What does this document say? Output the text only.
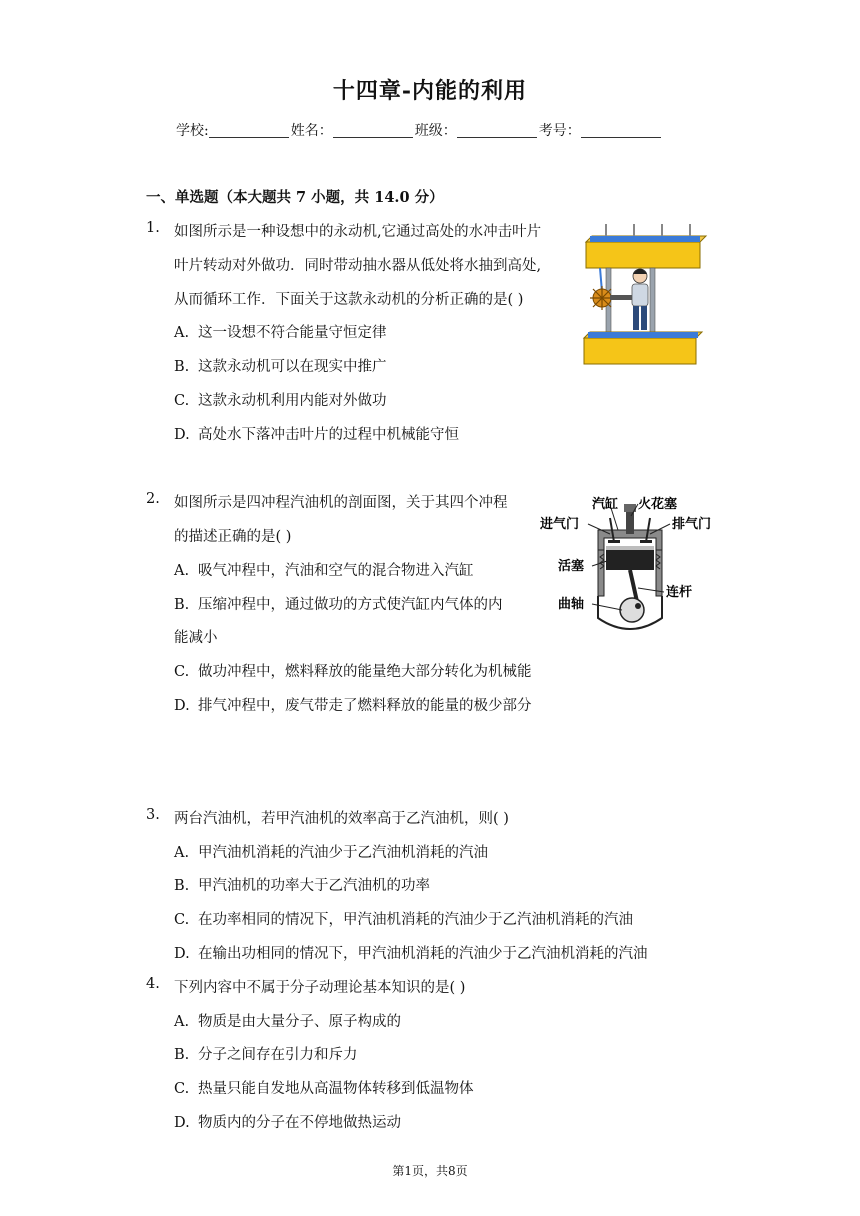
十四章-内能的利用
学校:	姓名：	班级：	考号：
一、单选题（本大题共 7 小题，共 14.0 分）
1. 如图所示是一种设想中的永动机,它通过高处的水冲击叶片
叶片转动对外做功．同时带动抽水器从低处将水抽到高处,
从而循环工作．下面关于这款永动机的分析正确的是( )
A. 这一设想不符合能量守恒定律
B. 这款永动机可以在现实中推广
C. 这款永动机利用内能对外做功
D. 高处水下落冲击叶片的过程中机械能守恒
2. 如图所示是四冲程汽油机的剖面图，关于其四个冲程
的描述正确的是( )
A. 吸气冲程中，汽油和空气的混合物进入汽缸
B. 压缩冲程中，通过做功的方式使汽缸内气体的内
能减小
C. 做功冲程中，燃料释放的能量绝大部分转化为机械能
D. 排气冲程中，废气带走了燃料释放的能量的极少部分
汽缸 火花塞
进气门	排气门
活塞
连杆
曲轴
3. 两台汽油机，若甲汽油机的效率高于乙汽油机，则( )
A. 甲汽油机消耗的汽油少于乙汽油机消耗的汽油
B. 甲汽油机的功率大于乙汽油机的功率
C. 在功率相同的情况下，甲汽油机消耗的汽油少于乙汽油机消耗的汽油
D. 在输出功相同的情况下，甲汽油机消耗的汽油少于乙汽油机消耗的汽油
4. 下列内容中不属于分子动理论基本知识的是( )
A. 物质是由大量分子、原子构成的
B. 分子之间存在引力和斥力
C. 热量只能自发地从高温物体转移到低温物体
D. 物质内的分子在不停地做热运动
第1页，共8页
